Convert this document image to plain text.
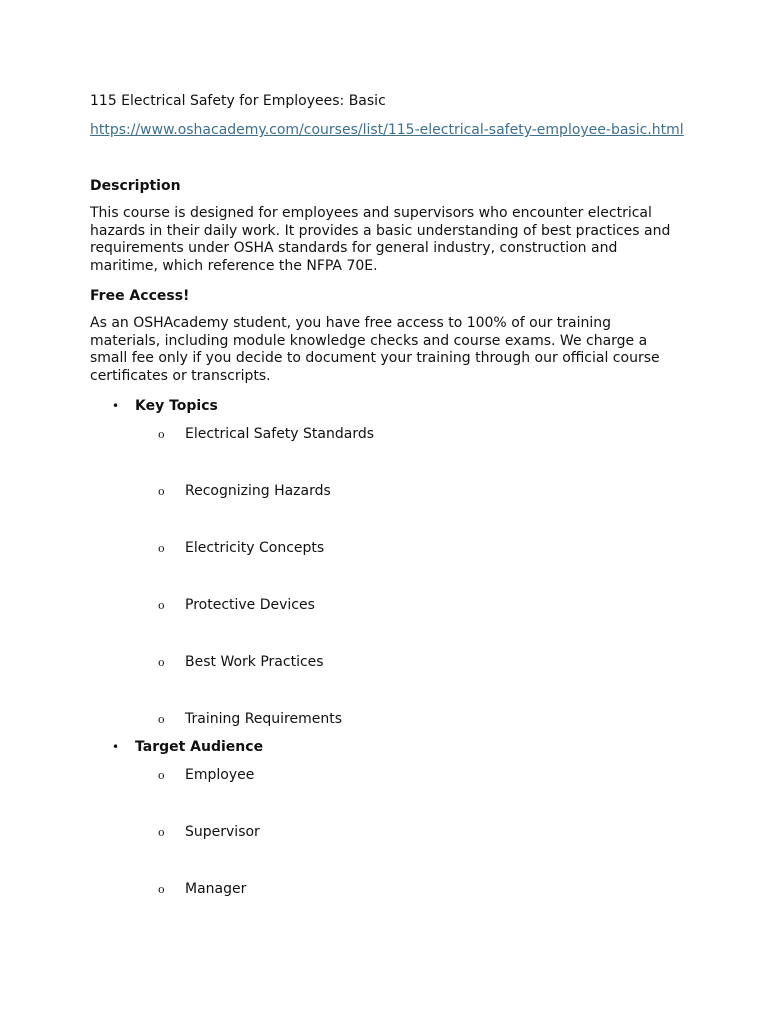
115 Electrical Safety for Employees: Basic
https://www.oshacademy.com/courses/list/115-electrical-safety-employee-basic.html
Description

This course is designed for employees and supervisors who encounter electrical hazards in their daily work. It provides a basic understanding of best practices and requirements under OSHA standards for general industry, construction and maritime, which reference the NFPA 70E.

Free Access!

As an OSHAcademy student, you have free access to 100% of our training materials, including module knowledge checks and course exams. We charge a small fee only if you decide to document your training through our official course certificates or transcripts.

• Key Topics
o Electrical Safety Standards
o Recognizing Hazards
o Electricity Concepts
o Protective Devices
o Best Work Practices
o Training Requirements
• Target Audience
o Employee
o Supervisor
o Manager
